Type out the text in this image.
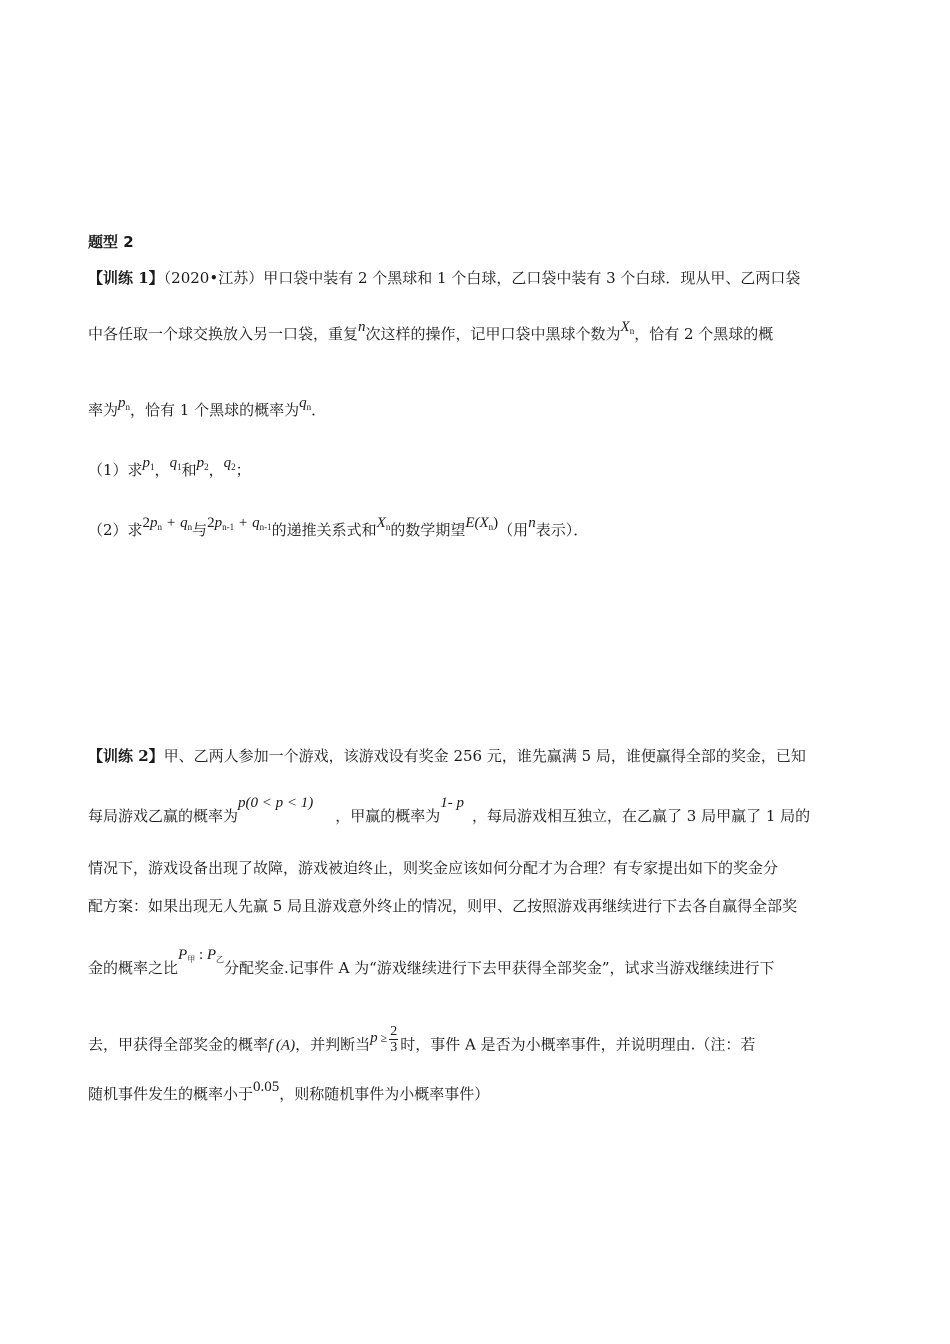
题型 2
【训练 1】（2020•江苏）甲口袋中装有 2 个黑球和 1 个白球，乙口袋中装有 3 个白球．现从甲、乙两口袋
中各任取一个球交换放入另一口袋，重复n次这样的操作，记甲口袋中黑球个数为$X_n$，恰有 2 个黑球的概
率为$p_n$，恰有 1 个黑球的概率为$q_n$．
（1）求$p_1$，$q_1$和$p_2$，$q_2$；
（2）求$2p_n + q_n$与$2p_{n-1} + q_{n-1}$的递推关系式和$X_n$的数学期望$E(X_n)$（用n表示）．
【训练 2】甲、乙两人参加一个游戏，该游戏设有奖金 256 元，谁先赢满 5 局，谁便赢得全部的奖金，已知
每局游戏乙赢的概率为p(0 < p < 1)，甲赢的概率为1- p，每局游戏相互独立，在乙赢了 3 局甲赢了 1 局的
情况下，游戏设备出现了故障，游戏被迫终止，则奖金应该如何分配才为合理？有专家提出如下的奖金分
配方案：如果出现无人先赢 5 局且游戏意外终止的情况，则甲、乙按照游戏再继续进行下去各自赢得全部奖
金的概率之比$P_甲$ : $P_乙$分配奖金.记事件 A 为“游戏继续进行下去甲获得全部奖金”，试求当游戏继续进行下
去，甲获得全部奖金的概率f (A)，并判断当p $^\ge \frac{2}{3}$ 时，事件 A 是否为小概率事件，并说明理由.（注：若
随机事件发生的概率小于0.05，则称随机事件为小概率事件）
